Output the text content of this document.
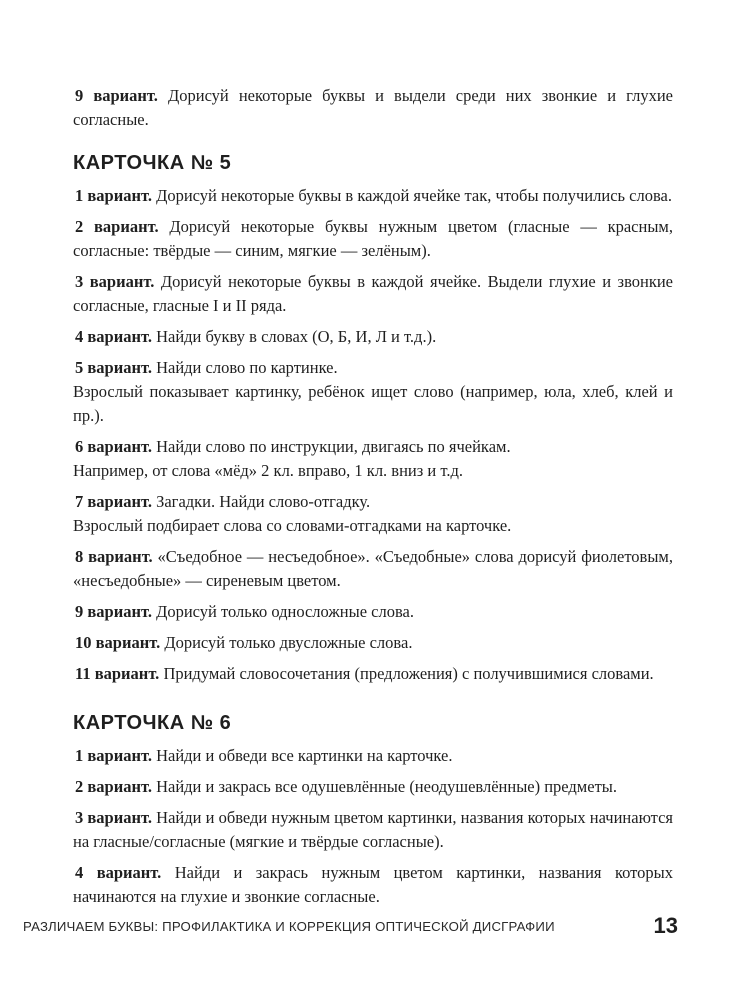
9 вариант. Дорисуй некоторые буквы и выдели среди них звонкие и глухие согласные.

КАРТОЧКА № 5

1 вариант. Дорисуй некоторые буквы в каждой ячейке так, чтобы получились слова.

2 вариант. Дорисуй некоторые буквы нужным цветом (гласные — красным, согласные: твёрдые — синим, мягкие — зелёным).

3 вариант. Дорисуй некоторые буквы в каждой ячейке. Выдели глухие и звонкие согласные, гласные I и II ряда.

4 вариант. Найди букву в словах (О, Б, И, Л и т.д.).

5 вариант. Найди слово по картинке.
Взрослый показывает картинку, ребёнок ищет слово (например, юла, хлеб, клей и пр.).

6 вариант. Найди слово по инструкции, двигаясь по ячейкам.
Например, от слова «мёд» 2 кл. вправо, 1 кл. вниз и т.д.

7 вариант. Загадки. Найди слово-отгадку.
Взрослый подбирает слова со словами-отгадками на карточке.

8 вариант. «Съедобное — несъедобное». «Съедобные» слова дорисуй фиолетовым, «несъедобные» — сиреневым цветом.

9 вариант. Дорисуй только односложные слова.

10 вариант. Дорисуй только двусложные слова.

11 вариант. Придумай словосочетания (предложения) с получившимися словами.

КАРТОЧКА № 6

1 вариант. Найди и обведи все картинки на карточке.

2 вариант. Найди и закрась все одушевлённые (неодушевлённые) предметы.

3 вариант. Найди и обведи нужным цветом картинки, названия которых начинаются на гласные/согласные (мягкие и твёрдые согласные).

4 вариант. Найди и закрась нужным цветом картинки, названия которых начинаются на глухие и звонкие согласные.

РАЗЛИЧАЕМ БУКВЫ: ПРОФИЛАКТИКА И КОРРЕКЦИЯ ОПТИЧЕСКОЙ ДИСГРАФИИ	13
